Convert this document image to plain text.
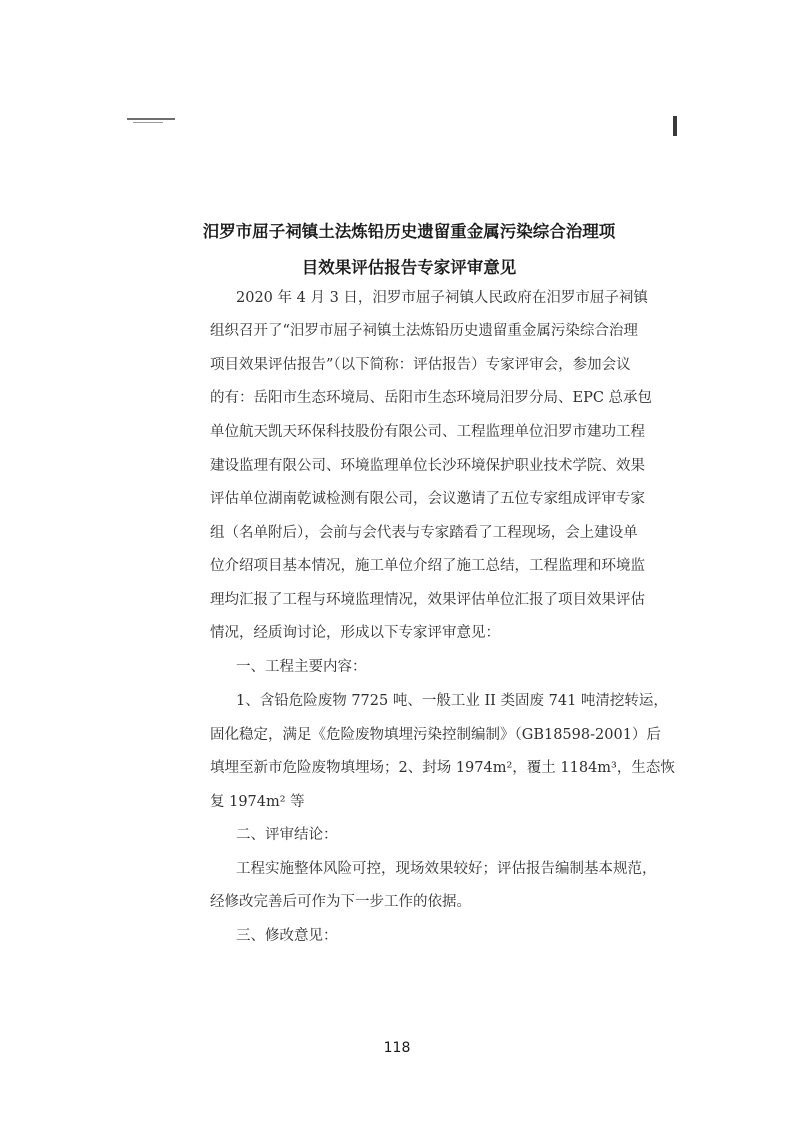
汨罗市屈子祠镇土法炼铅历史遗留重金属污染综合治理项
目效果评估报告专家评审意见
2020 年 4 月 3 日，汨罗市屈子祠镇人民政府在汨罗市屈子祠镇
组织召开了“汨罗市屈子祠镇土法炼铅历史遗留重金属污染综合治理
项目效果评估报告”（以下简称：评估报告）专家评审会，参加会议
的有：岳阳市生态环境局、岳阳市生态环境局汨罗分局、EPC 总承包
单位航天凯天环保科技股份有限公司、工程监理单位汨罗市建功工程
建设监理有限公司、环境监理单位长沙环境保护职业技术学院、效果
评估单位湖南乾诚检测有限公司，会议邀请了五位专家组成评审专家
组（名单附后），会前与会代表与专家踏看了工程现场，会上建设单
位介绍项目基本情况，施工单位介绍了施工总结，工程监理和环境监
理均汇报了工程与环境监理情况，效果评估单位汇报了项目效果评估
情况，经质询讨论，形成以下专家评审意见：
一、工程主要内容：
1、含铅危险废物 7725 吨、一般工业 II 类固废 741 吨清挖转运，
固化稳定，满足《危险废物填埋污染控制编制》（GB18598-2001）后
填埋至新市危险废物填埋场；2、封场 1974m²，覆土 1184m³，生态恢
复 1974m² 等
二、评审结论：
工程实施整体风险可控，现场效果较好；评估报告编制基本规范，
经修改完善后可作为下一步工作的依据。
三、修改意见：
118
